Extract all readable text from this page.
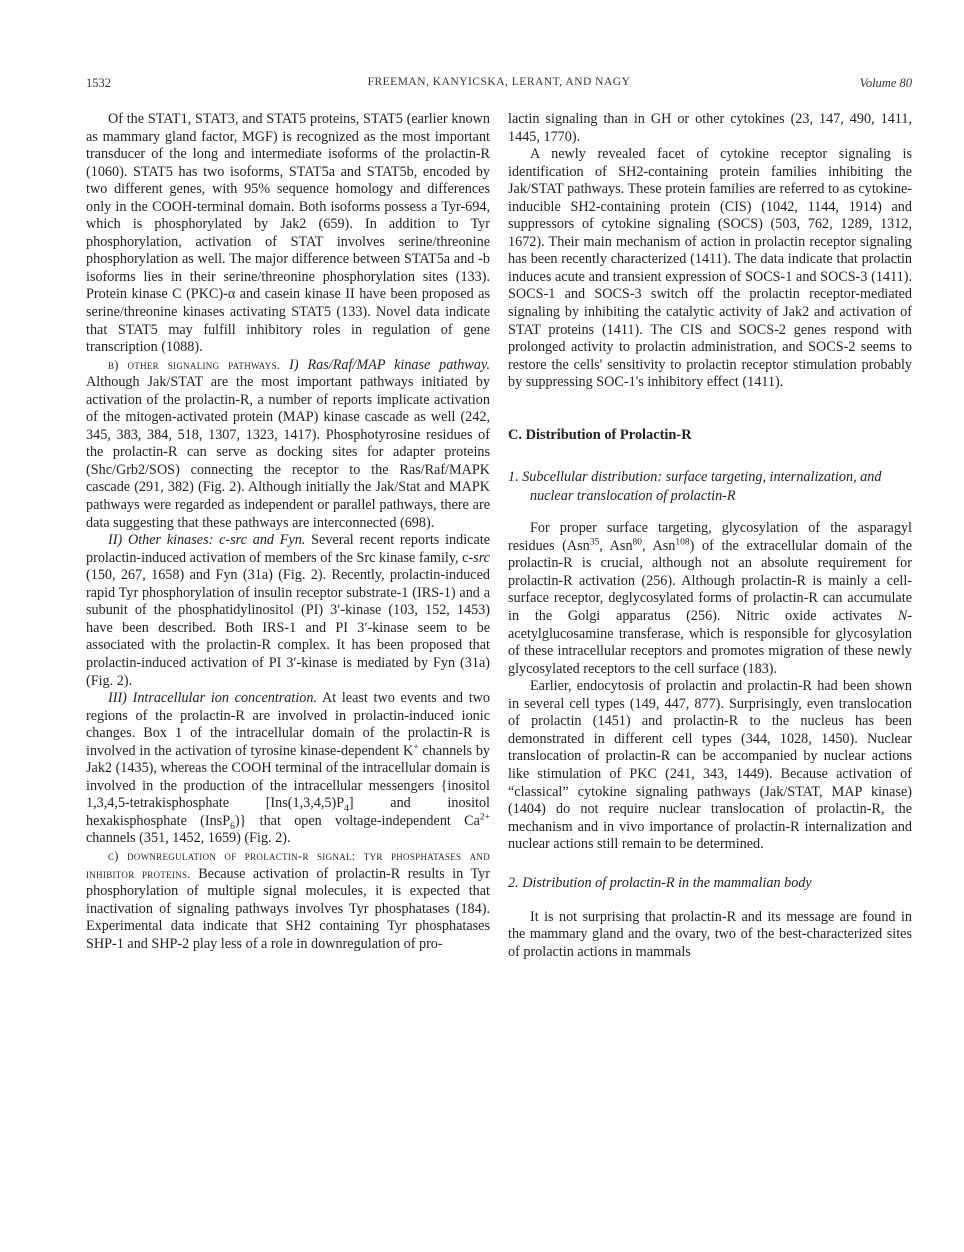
1532	FREEMAN, KANYICSKA, LERANT, AND NAGY	Volume 80

Of the STAT1, STAT3, and STAT5 proteins, STAT5 (earlier known as mammary gland factor, MGF) is recognized as the most important transducer of the long and intermediate isoforms of the prolactin-R (1060). STAT5 has two isoforms, STAT5a and STAT5b, encoded by two different genes, with 95% sequence homology and differences only in the COOH-terminal domain. Both isoforms possess a Tyr-694, which is phosphorylated by Jak2 (659). In addition to Tyr phosphorylation, activation of STAT involves serine/threonine phosphorylation as well. The major difference between STAT5a and -b isoforms lies in their serine/threonine phosphorylation sites (133). Protein kinase C (PKC)-α and casein kinase II have been proposed as serine/threonine kinases activating STAT5 (133). Novel data indicate that STAT5 may fulfill inhibitory roles in regulation of gene transcription (1088).

b) other signaling pathways. I) Ras/Raf/MAP kinase pathway. Although Jak/STAT are the most important pathways initiated by activation of the prolactin-R, a number of reports implicate activation of the mitogen-activated protein (MAP) kinase cascade as well (242, 345, 383, 384, 518, 1307, 1323, 1417). Phosphotyrosine residues of the prolactin-R can serve as docking sites for adapter proteins (Shc/Grb2/SOS) connecting the receptor to the Ras/Raf/MAPK cascade (291, 382) (Fig. 2). Although initially the Jak/Stat and MAPK pathways were regarded as independent or parallel pathways, there are data suggesting that these pathways are interconnected (698).

II) Other kinases: c-src and Fyn. Several recent reports indicate prolactin-induced activation of members of the Src kinase family, c-src (150, 267, 1658) and Fyn (31a) (Fig. 2). Recently, prolactin-induced rapid Tyr phosphorylation of insulin receptor substrate-1 (IRS-1) and a subunit of the phosphatidylinositol (PI) 3′-kinase (103, 152, 1453) have been described. Both IRS-1 and PI 3′-kinase seem to be associated with the prolactin-R complex. It has been proposed that prolactin-induced activation of PI 3′-kinase is mediated by Fyn (31a) (Fig. 2).

III) Intracellular ion concentration. At least two events and two regions of the prolactin-R are involved in prolactin-induced ionic changes. Box 1 of the intracellular domain of the prolactin-R is involved in the activation of tyrosine kinase-dependent K+ channels by Jak2 (1435), whereas the COOH terminal of the intracellular domain is involved in the production of the intracellular messengers {inositol 1,3,4,5-tetrakisphosphate $[Ins(1,3,4,5)P_4]$ and inositol hexakisphosphate (InsP$_6$)} that open voltage-independent $Ca^{2+}$ channels (351, 1452, 1659) (Fig. 2).

c) downregulation of prolactin-r signal: tyr phosphatases and inhibitor proteins. Because activation of prolactin-R results in Tyr phosphorylation of multiple signal molecules, it is expected that inactivation of signaling pathways involves Tyr phosphatases (184). Experimental data indicate that SH2 containing Tyr phosphatases SHP-1 and SHP-2 play less of a role in downregulation of pro-

lactin signaling than in GH or other cytokines (23, 147, 490, 1411, 1445, 1770).

A newly revealed facet of cytokine receptor signaling is identification of SH2-containing protein families inhibiting the Jak/STAT pathways. These protein families are referred to as cytokine-inducible SH2-containing protein (CIS) (1042, 1144, 1914) and suppressors of cytokine signaling (SOCS) (503, 762, 1289, 1312, 1672). Their main mechanism of action in prolactin receptor signaling has been recently characterized (1411). The data indicate that prolactin induces acute and transient expression of SOCS-1 and SOCS-3 (1411). SOCS-1 and SOCS-3 switch off the prolactin receptor-mediated signaling by inhibiting the catalytic activity of Jak2 and activation of STAT proteins (1411). The CIS and SOCS-2 genes respond with prolonged activity to prolactin administration, and SOCS-2 seems to restore the cells' sensitivity to prolactin receptor stimulation probably by suppressing SOC-1's inhibitory effect (1411).

C. Distribution of Prolactin-R

1. Subcellular distribution: surface targeting, internalization, and nuclear translocation of prolactin-R

For proper surface targeting, glycosylation of the asparagyl residues (Asn$^{35}$, Asn$^{80}$, Asn$^{108}$) of the extracellular domain of the prolactin-R is crucial, although not an absolute requirement for prolactin-R activation (256). Although prolactin-R is mainly a cell-surface receptor, deglycosylated forms of prolactin-R can accumulate in the Golgi apparatus (256). Nitric oxide activates N-acetylglucosamine transferase, which is responsible for glycosylation of these intracellular receptors and promotes migration of these newly glycosylated receptors to the cell surface (183).

Earlier, endocytosis of prolactin and prolactin-R had been shown in several cell types (149, 447, 877). Surprisingly, even translocation of prolactin (1451) and prolactin-R to the nucleus has been demonstrated in different cell types (344, 1028, 1450). Nuclear translocation of prolactin-R can be accompanied by nuclear actions like stimulation of PKC (241, 343, 1449). Because activation of “classical” cytokine signaling pathways (Jak/STAT, MAP kinase) (1404) do not require nuclear translocation of prolactin-R, the mechanism and in vivo importance of prolactin-R internalization and nuclear actions still remain to be determined.

2. Distribution of prolactin-R in the mammalian body

It is not surprising that prolactin-R and its message are found in the mammary gland and the ovary, two of the best-characterized sites of prolactin actions in mammals
